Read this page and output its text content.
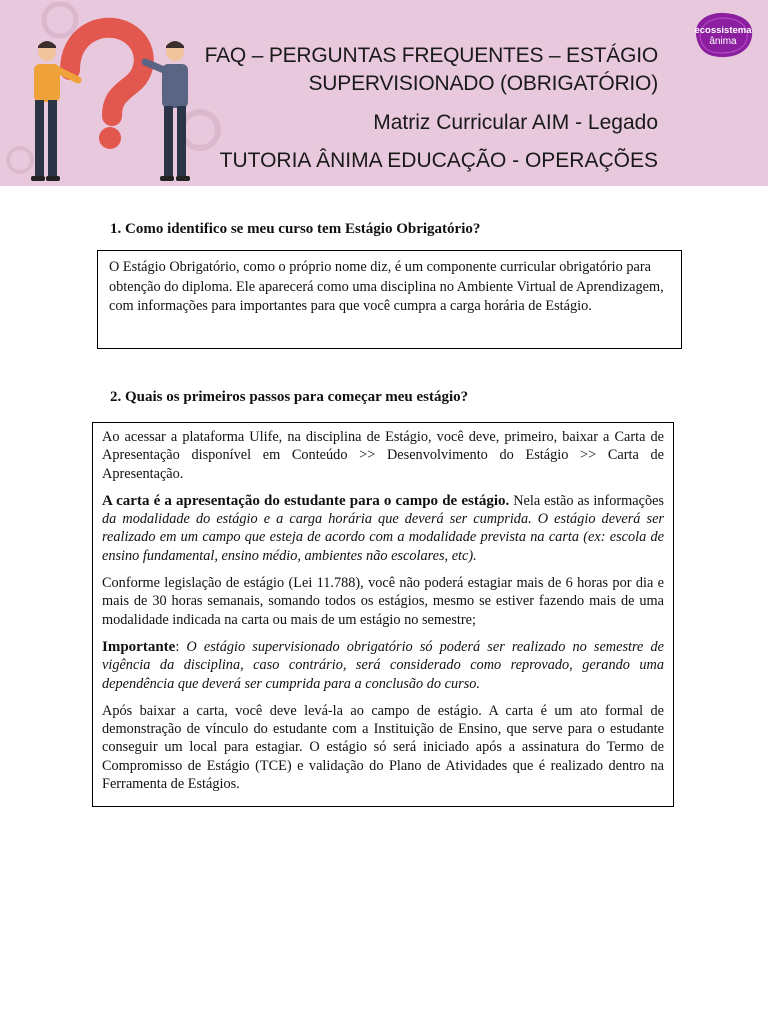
FAQ – PERGUNTAS FREQUENTES – ESTÁGIO
SUPERVISIONADO (OBRIGATÓRIO)
Matriz Curricular AIM - Legado
TUTORIA ÂNIMA EDUCAÇÃO - OPERAÇÕES
ecossistema
ânima
1. Como identifico se meu curso tem Estágio Obrigatório?

O Estágio Obrigatório, como o próprio nome diz, é um componente curricular obrigatório para obtenção do diploma. Ele aparecerá como uma disciplina no Ambiente Virtual de Aprendizagem, com informações para importantes para que você cumpra a carga horária de Estágio.

2. Quais os primeiros passos para começar meu estágio?

Ao acessar a plataforma Ulife, na disciplina de Estágio, você deve, primeiro, baixar a Carta de Apresentação disponível em Conteúdo >> Desenvolvimento do Estágio >> Carta de Apresentação.

A carta é a apresentação do estudante para o campo de estágio. Nela estão as informações da modalidade do estágio e a carga horária que deverá ser cumprida. O estágio deverá ser realizado em um campo que esteja de acordo com a modalidade prevista na carta (ex: escola de ensino fundamental, ensino médio, ambientes não escolares, etc).

Conforme legislação de estágio (Lei 11.788), você não poderá estagiar mais de 6 horas por dia e mais de 30 horas semanais, somando todos os estágios, mesmo se estiver fazendo mais de uma modalidade indicada na carta ou mais de um estágio no semestre;

Importante: O estágio supervisionado obrigatório só poderá ser realizado no semestre de vigência da disciplina, caso contrário, será considerado como reprovado, gerando uma dependência que deverá ser cumprida para a conclusão do curso.

Após baixar a carta, você deve levá-la ao campo de estágio. A carta é um ato formal de demonstração de vínculo do estudante com a Instituição de Ensino, que serve para o estudante conseguir um local para estagiar. O estágio só será iniciado após a assinatura do Termo de Compromisso de Estágio (TCE) e validação do Plano de Atividades que é realizado dentro na Ferramenta de Estágios.
